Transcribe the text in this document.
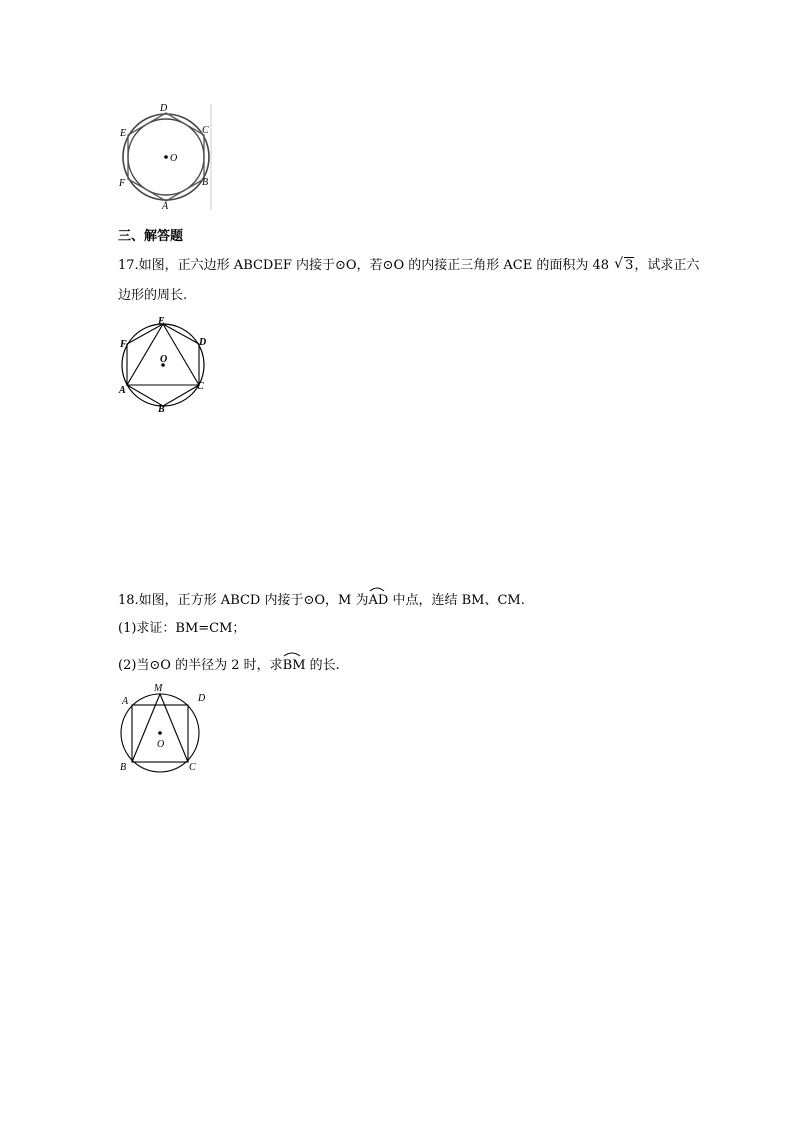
D
E	C
O
F	B
A
三、解答题
17.如图，正六边形 ABCDEF 内接于⊙O，若⊙O 的内接正三角形 ACE 的面积为 48 √ 3，试求正六
边形的周长.
E
F	D
O
A	C
B
18.如图，正方形 ABCD 内接于⊙O，M 为
AD 中点，连结 BM、CM.
(1)求证：BM=CM；
(2)当⊙O 的半径为 2 时，求
BM 的长.
M
A	D
O
B	C
